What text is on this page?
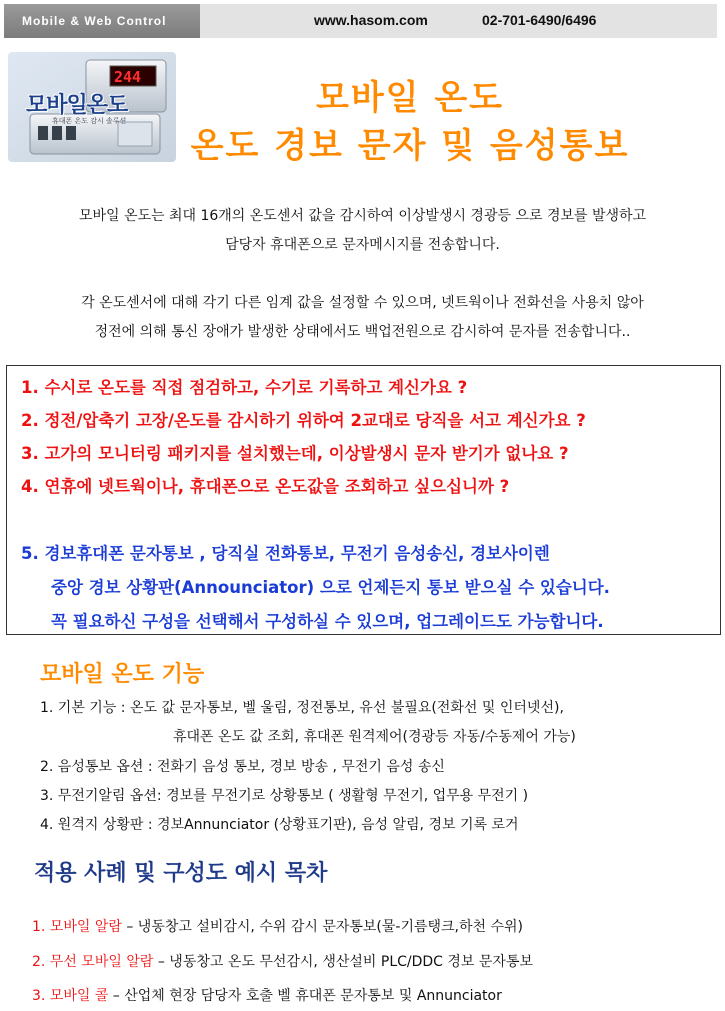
Mobile & Web Control	www.hasom.com	02-701-6490/6496
244
모바일온도
휴대폰 온도 감시 솔루션
모바일 온도
온도 경보 문자 및 음성통보
모바일 온도는 최대 16개의 온도센서 값을 감시하여 이상발생시 경광등 으로 경보를 발생하고
담당자 휴대폰으로 문자메시지를 전송합니다.
각 온도센서에 대해 각기 다른 임계 값을 설정할 수 있으며, 넷트웍이나 전화선을 사용치 않아
정전에 의해 통신 장애가 발생한 상태에서도 백업전원으로 감시하여 문자를 전송합니다..
1. 수시로 온도를 직접 점검하고, 수기로 기록하고 계신가요 ?
2. 정전/압축기 고장/온도를 감시하기 위하여 2교대로 당직을 서고 계신가요 ?
3. 고가의 모니터링 패키지를 설치했는데, 이상발생시 문자 받기가 없나요 ?
4. 연휴에 넷트웍이나, 휴대폰으로 온도값을 조회하고 싶으십니까 ?
5. 경보휴대폰 문자통보 , 당직실 전화통보, 무전기 음성송신, 경보사이렌
중앙 경보 상황판(Announciator) 으로 언제든지 통보 받으실 수 있습니다.
꼭 필요하신 구성을 선택해서 구성하실 수 있으며, 업그레이드도 가능합니다.
모바일 온도 기능
1. 기본 기능 : 온도 값 문자통보, 벨 울림, 정전통보, 유선 불필요(전화선 및 인터넷선),
휴대폰 온도 값 조회, 휴대폰 원격제어(경광등 자동/수동제어 가능)
2. 음성통보 옵션 : 전화기 음성 통보, 경보 방송 , 무전기 음성 송신
3. 무전기알림 옵션: 경보를 무전기로 상황통보 ( 생활형 무전기, 업무용 무전기 )
4. 원격지 상황판 : 경보Annunciator (상황표기판), 음성 알림, 경보 기록 로거
적용 사례 및 구성도 예시 목차
1. 모바일 알람 – 냉동창고 설비감시, 수위 감시 문자통보(물-기름탱크,하천 수위)
2. 무선 모바일 알람 – 냉동창고 온도 무선감시, 생산설비 PLC/DDC 경보 문자통보
3. 모바일 콜 – 산업체 현장 담당자 호출 벨 휴대폰 문자통보 및 Annunciator
